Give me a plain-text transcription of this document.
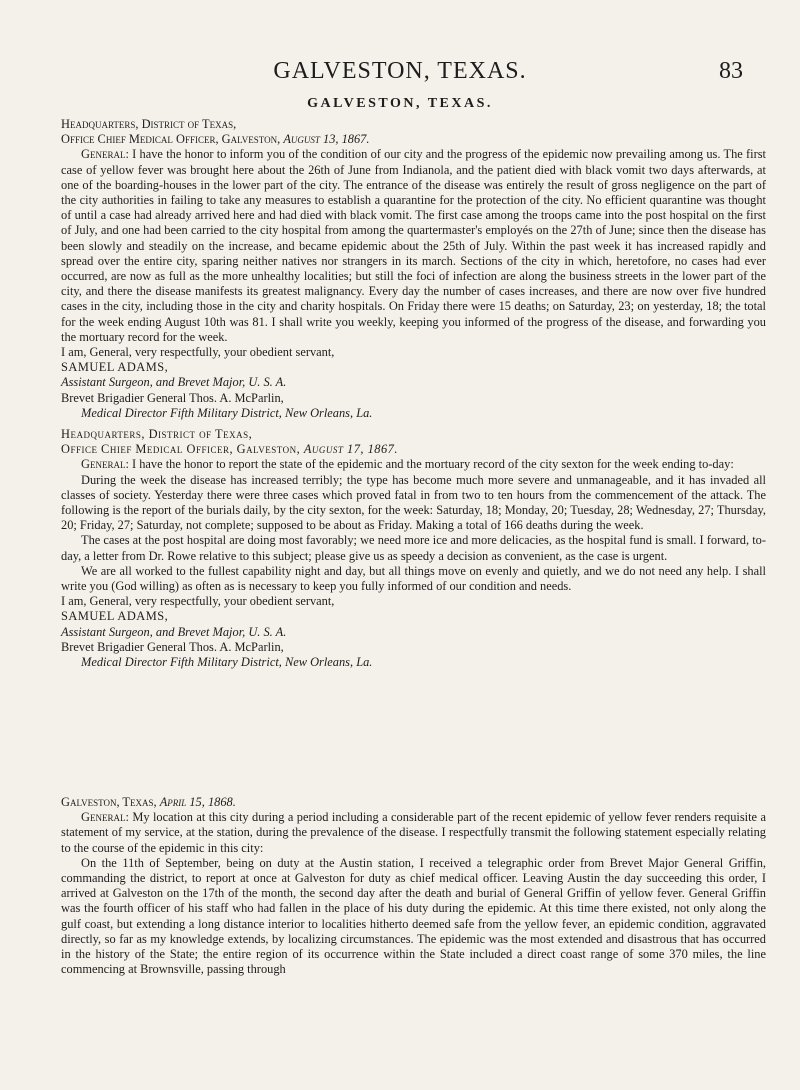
GALVESTON, TEXAS.	83
GALVESTON, TEXAS.

Headquarters, District of Texas,

Office Chief Medical Officer, Galveston, August 13, 1867.

General: I have the honor to inform you of the condition of our city and the progress of the epidemic now prevailing among us. The first case of yellow fever was brought here about the 26th of June from Indianola, and the patient died with black vomit two days afterwards, at one of the boarding-houses in the lower part of the city. The entrance of the disease was entirely the result of gross negligence on the part of the city authorities in failing to take any measures to establish a quarantine for the protection of the city. No efficient quarantine was thought of until a case had already arrived here and had died with black vomit. The first case among the troops came into the post hospital on the first of July, and one had been carried to the city hospital from among the quartermaster's employés on the 27th of June; since then the disease has been slowly and steadily on the increase, and became epidemic about the 25th of July. Within the past week it has increased rapidly and spread over the entire city, sparing neither natives nor strangers in its march. Sections of the city in which, heretofore, no cases had ever occurred, are now as full as the more unhealthy localities; but still the foci of infection are along the business streets in the lower part of the city, and there the disease manifests its greatest malignancy. Every day the number of cases increases, and there are now over five hundred cases in the city, including those in the city and charity hospitals. On Friday there were 15 deaths; on Saturday, 23; on yesterday, 18; the total for the week ending August 10th was 81. I shall write you weekly, keeping you informed of the progress of the disease, and forwarding you the mortuary record for the week.

I am, General, very respectfully, your obedient servant,

SAMUEL ADAMS,

Assistant Surgeon, and Brevet Major, U. S. A.

Brevet Brigadier General Thos. A. McParlin,

Medical Director Fifth Military District, New Orleans, La.

Headquarters, District of Texas,

Office Chief Medical Officer, Galveston, August 17, 1867.

General: I have the honor to report the state of the epidemic and the mortuary record of the city sexton for the week ending to-day:

During the week the disease has increased terribly; the type has become much more severe and unmanageable, and it has invaded all classes of society. Yesterday there were three cases which proved fatal in from two to ten hours from the commencement of the attack. The following is the report of the burials daily, by the city sexton, for the week: Saturday, 18; Monday, 20; Tuesday, 28; Wednesday, 27; Thursday, 20; Friday, 27; Saturday, not complete; supposed to be about as Friday. Making a total of 166 deaths during the week.

The cases at the post hospital are doing most favorably; we need more ice and more delicacies, as the hospital fund is small. I forward, to-day, a letter from Dr. Rowe relative to this subject; please give us as speedy a decision as convenient, as the case is urgent.

We are all worked to the fullest capability night and day, but all things move on evenly and quietly, and we do not need any help. I shall write you (God willing) as often as is necessary to keep you fully informed of our condition and needs.

I am, General, very respectfully, your obedient servant,

SAMUEL ADAMS,

Assistant Surgeon, and Brevet Major, U. S. A.

Brevet Brigadier General Thos. A. McParlin,

Medical Director Fifth Military District, New Orleans, La.

Galveston, Texas, April 15, 1868.

General: My location at this city during a period including a considerable part of the recent epidemic of yellow fever renders requisite a statement of my service, at the station, during the prevalence of the disease. I respectfully transmit the following statement especially relating to the course of the epidemic in this city:

On the 11th of September, being on duty at the Austin station, I received a telegraphic order from Brevet Major General Griffin, commanding the district, to report at once at Galveston for duty as chief medical officer. Leaving Austin the day succeeding this order, I arrived at Galveston on the 17th of the month, the second day after the death and burial of General Griffin of yellow fever. General Griffin was the fourth officer of his staff who had fallen in the place of his duty during the epidemic. At this time there existed, not only along the gulf coast, but extending a long distance interior to localities hitherto deemed safe from the yellow fever, an epidemic condition, aggravated directly, so far as my knowledge extends, by localizing circumstances. The epidemic was the most extended and disastrous that has occurred in the history of the State; the entire region of its occurrence within the State included a direct coast range of some 370 miles, the line commencing at Brownsville, passing through
